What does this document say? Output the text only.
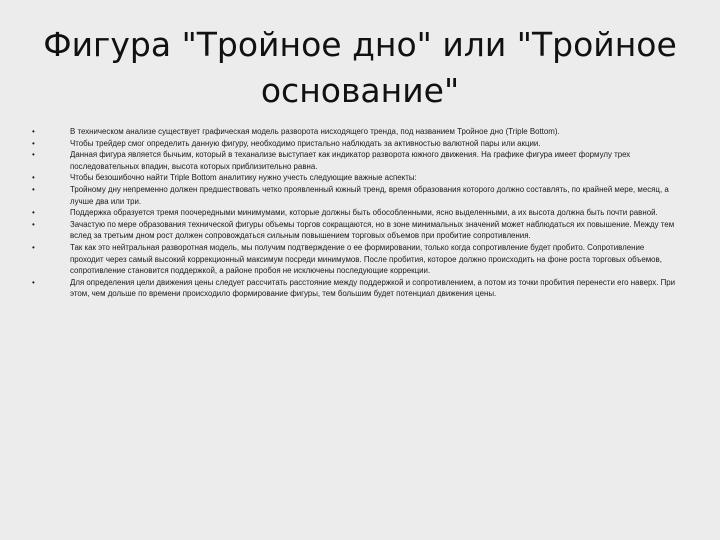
Фигура "Тройное дно" или "Тройное
основание"
•	В техническом анализе существует графическая модель разворота нисходящего тренда, под названием Тройное дно (Triple Bottom).
•	Чтобы трейдер смог определить данную фигуру, необходимо пристально наблюдать за активностью валютной пары или акции.
•	Данная фигура является бычьим, который в теханализе выступает как индикатор разворота южного движения. На графике фигура имеет формулу трех последовательных впадин, высота которых приблизительно равна.
•	Чтобы безошибочно найти Triple Bottom аналитику нужно учесть следующие важные аспекты:
•	Тройному дну непременно должен предшествовать четко проявленный южный тренд, время образования которого должно составлять, по крайней мере, месяц, а лучше два или три.
•	Поддержка образуется тремя поочередными минимумами, которые должны быть обособленными, ясно выделенными, а их высота должна быть почти равной.
•	Зачастую по мере образования технической фигуры объемы торгов сокращаются, но в зоне минимальных значений может наблюдаться их повышение. Между тем вслед за третьим дном рост должен сопровождаться сильным повышением торговых объемов при пробитие сопротивления.
•	Так как это нейтральная разворотная модель, мы получим подтверждение о ее формировании, только когда сопротивление будет пробито. Сопротивление проходит через самый высокий коррекционный максимум посреди минимумов. После пробития, которое должно происходить на фоне роста торговых объемов, сопротивление становится поддержкой, а районе пробоя не исключены последующие коррекции.
•	Для определения цели движения цены следует рассчитать расстояние между поддержкой и сопротивлением, а потом из точки пробития перенести его наверх. При этом, чем дольше по времени происходило формирование фигуры, тем большим будет потенциал движения цены.
